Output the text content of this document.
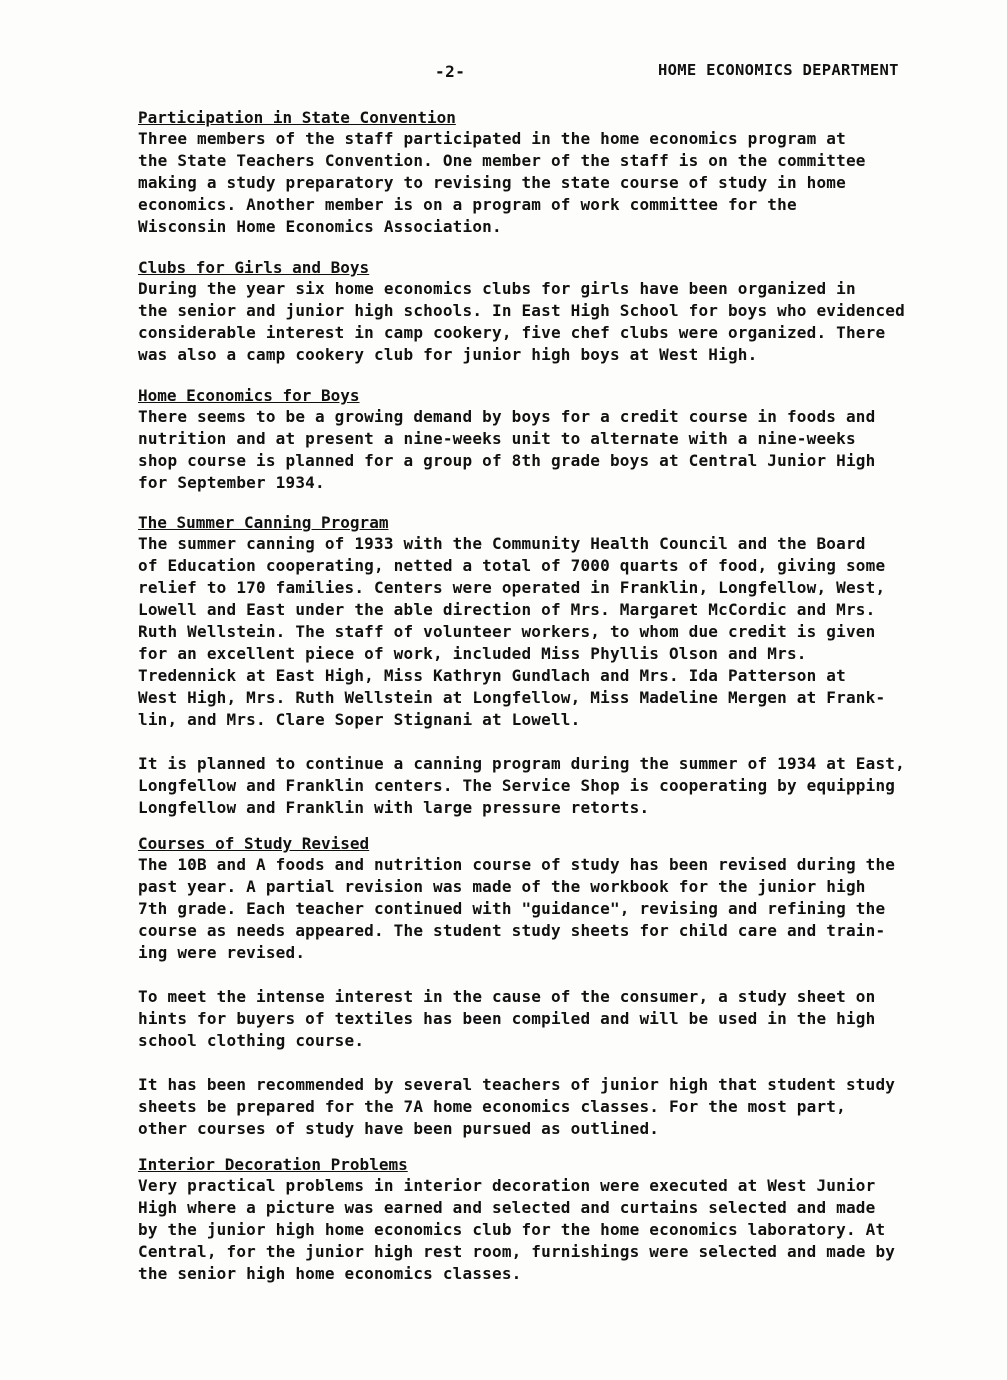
-2-	HOME ECONOMICS DEPARTMENT
Participation in State Convention
Three members of the staff participated in the home economics program at
the State Teachers Convention. One member of the staff is on the committee
making a study preparatory to revising the state course of study in home
economics. Another member is on a program of work committee for the
Wisconsin Home Economics Association.
Clubs for Girls and Boys
During the year six home economics clubs for girls have been organized in
the senior and junior high schools. In East High School for boys who evidenced
considerable interest in camp cookery, five chef clubs were organized. There
was also a camp cookery club for junior high boys at West High.
Home Economics for Boys
There seems to be a growing demand by boys for a credit course in foods and
nutrition and at present a nine-weeks unit to alternate with a nine-weeks
shop course is planned for a group of 8th grade boys at Central Junior High
for September 1934.
The Summer Canning Program
The summer canning of 1933 with the Community Health Council and the Board
of Education cooperating, netted a total of 7000 quarts of food, giving some
relief to 170 families. Centers were operated in Franklin, Longfellow, West,
Lowell and East under the able direction of Mrs. Margaret McCordic and Mrs.
Ruth Wellstein. The staff of volunteer workers, to whom due credit is given
for an excellent piece of work, included Miss Phyllis Olson and Mrs.
Tredennick at East High, Miss Kathryn Gundlach and Mrs. Ida Patterson at
West High, Mrs. Ruth Wellstein at Longfellow, Miss Madeline Mergen at Frank-
lin, and Mrs. Clare Soper Stignani at Lowell.
It is planned to continue a canning program during the summer of 1934 at East,
Longfellow and Franklin centers. The Service Shop is cooperating by equipping
Longfellow and Franklin with large pressure retorts.
Courses of Study Revised
The 10B and A foods and nutrition course of study has been revised during the
past year. A partial revision was made of the workbook for the junior high
7th grade. Each teacher continued with "guidance", revising and refining the
course as needs appeared. The student study sheets for child care and train-
ing were revised.
To meet the intense interest in the cause of the consumer, a study sheet on
hints for buyers of textiles has been compiled and will be used in the high
school clothing course.
It has been recommended by several teachers of junior high that student study
sheets be prepared for the 7A home economics classes. For the most part,
other courses of study have been pursued as outlined.
Interior Decoration Problems
Very practical problems in interior decoration were executed at West Junior
High where a picture was earned and selected and curtains selected and made
by the junior high home economics club for the home economics laboratory. At
Central, for the junior high rest room, furnishings were selected and made by
the senior high home economics classes.
